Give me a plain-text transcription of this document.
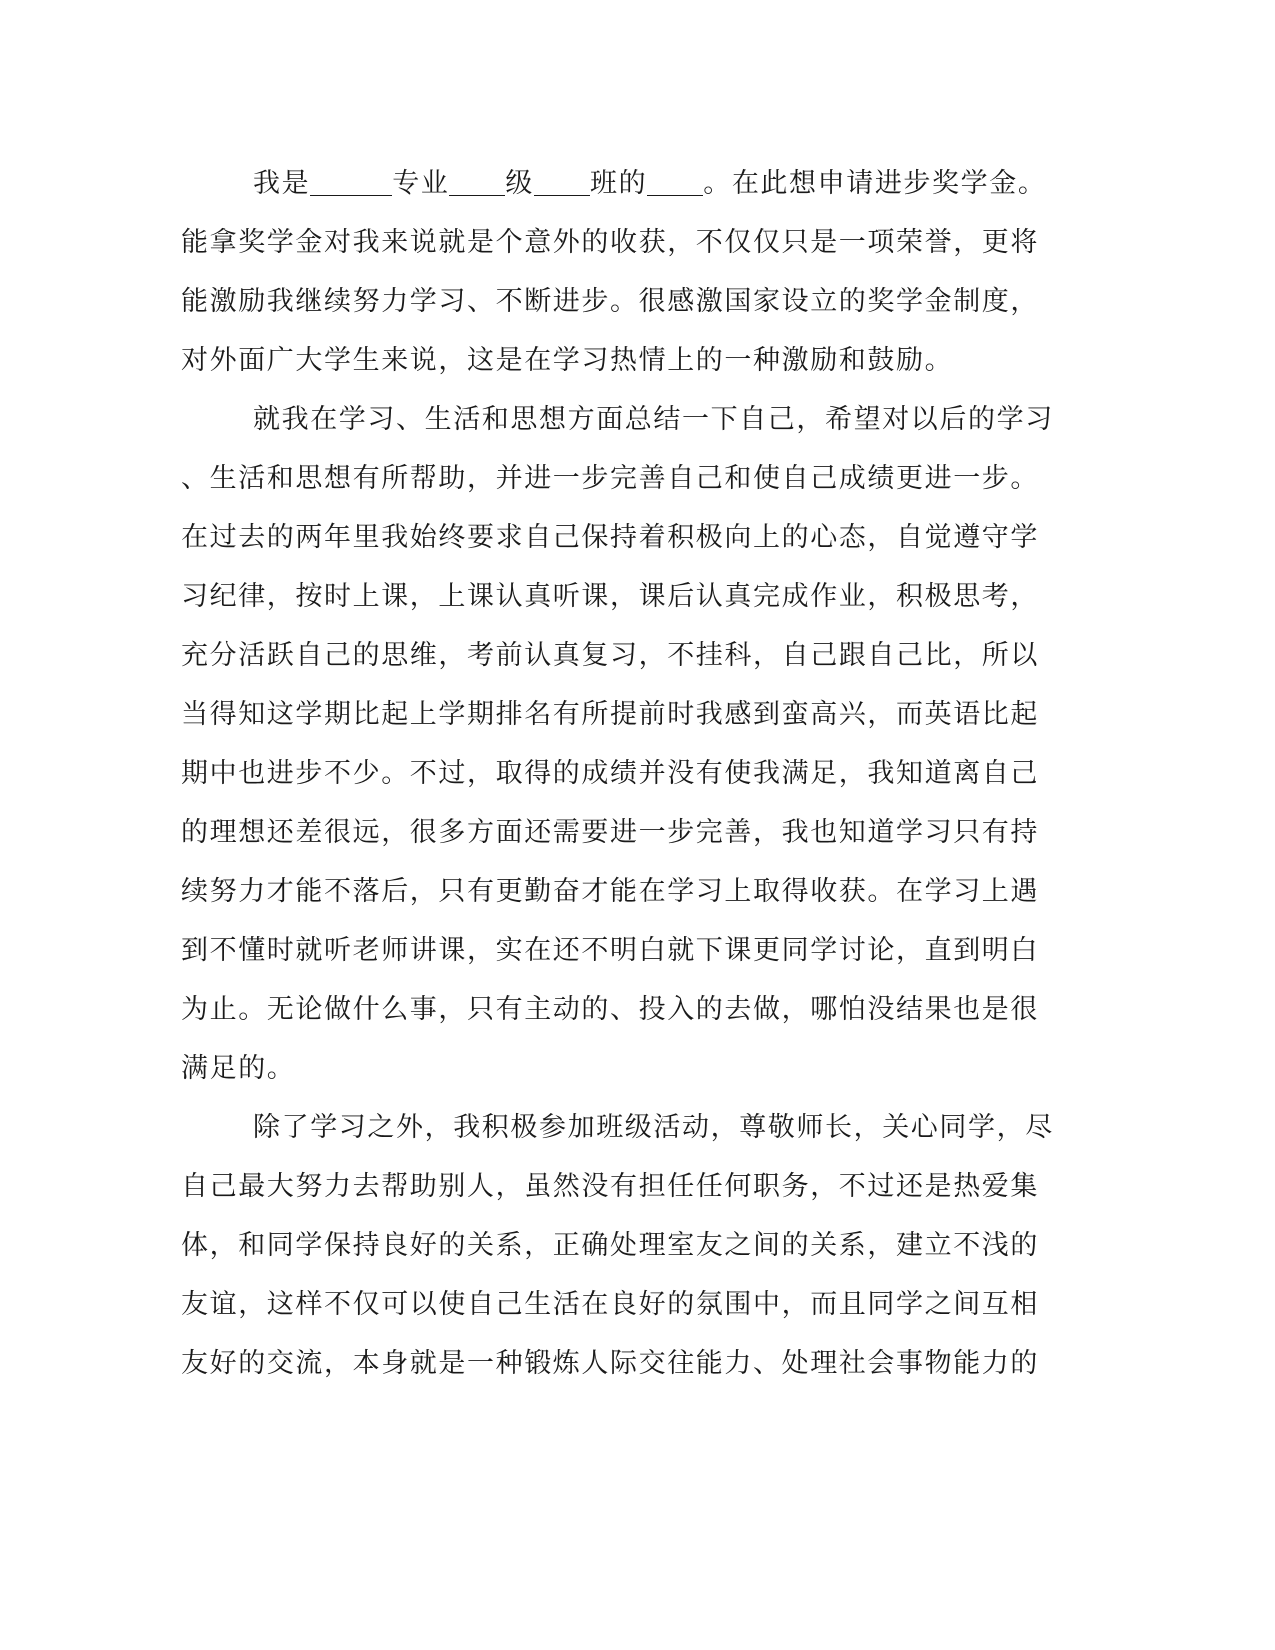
我是	专业 级 班的 。在此想申请进步奖学金。
能拿奖学金对我来说就是个意外的收获，不仅仅只是一项荣誉，更将
能激励我继续努力学习、不断进步。很感激国家设立的奖学金制度，
对外面广大学生来说，这是在学习热情上的一种激励和鼓励。
就我在学习、生活和思想方面总结一下自己，希望对以后的学习
、生活和思想有所帮助，并进一步完善自己和使自己成绩更进一步。
在过去的两年里我始终要求自己保持着积极向上的心态，自觉遵守学
习纪律，按时上课，上课认真听课，课后认真完成作业，积极思考，
充分活跃自己的思维，考前认真复习，不挂科，自己跟自己比，所以
当得知这学期比起上学期排名有所提前时我感到蛮高兴，而英语比起
期中也进步不少。不过，取得的成绩并没有使我满足，我知道离自己
的理想还差很远，很多方面还需要进一步完善，我也知道学习只有持
续努力才能不落后，只有更勤奋才能在学习上取得收获。在学习上遇
到不懂时就听老师讲课，实在还不明白就下课更同学讨论，直到明白
为止。无论做什么事，只有主动的、投入的去做，哪怕没结果也是很
满足的。
除了学习之外，我积极参加班级活动，尊敬师长，关心同学，尽
自己最大努力去帮助别人，虽然没有担任任何职务，不过还是热爱集
体，和同学保持良好的关系，正确处理室友之间的关系，建立不浅的
友谊，这样不仅可以使自己生活在良好的氛围中，而且同学之间互相
友好的交流，本身就是一种锻炼人际交往能力、处理社会事物能力的
